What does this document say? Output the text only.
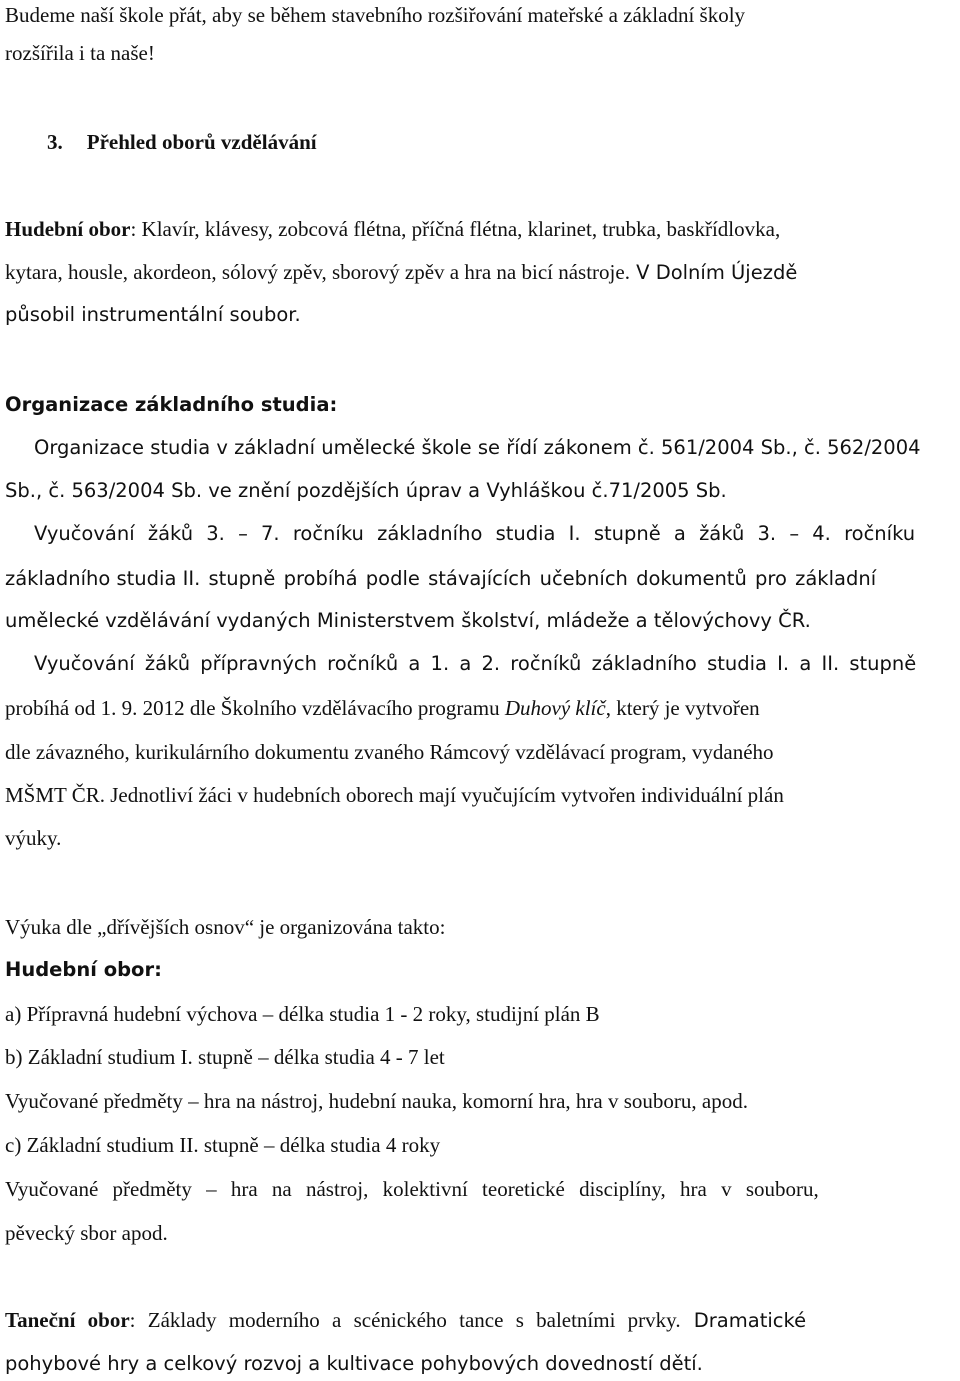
Budeme naší škole přát, aby se během stavebního rozšiřování mateřské a základní školy
rozšířila i ta naše!
3. Přehled oborů vzdělávání
Hudební obor: Klavír, klávesy, zobcová flétna, příčná flétna, klarinet, trubka, baskřídlovka,
kytara, housle, akordeon, sólový zpěv, sborový zpěv a hra na bicí nástroje. V Dolním Újezdě
působil instrumentální soubor.
Organizace základního studia:
Organizace studia v základní umělecké škole se řídí zákonem č. 561/2004 Sb., č. 562/2004
Sb., č. 563/2004 Sb. ve znění pozdějších úprav a Vyhláškou č.71/2005 Sb.
Vyučování žáků 3. – 7. ročníku základního studia I. stupně a žáků 3. – 4. ročníku
základního studia II. stupně probíhá podle stávajících učebních dokumentů pro základní
umělecké vzdělávání vydaných Ministerstvem školství, mládeže a tělovýchovy ČR.
Vyučování žáků přípravných ročníků a 1. a 2. ročníků základního studia I. a II. stupně
probíhá od 1. 9. 2012 dle Školního vzdělávacího programu Duhový klíč, který je vytvořen
dle závazného, kurikulárního dokumentu zvaného Rámcový vzdělávací program, vydaného
MŠMT ČR. Jednotliví žáci v hudebních oborech mají vyučujícím vytvořen individuální plán
výuky.
Výuka dle „dřívějších osnov“ je organizována takto:
Hudební obor:
a) Přípravná hudební výchova – délka studia 1 - 2 roky, studijní plán B
b) Základní studium I. stupně – délka studia 4 - 7 let
Vyučované předměty – hra na nástroj, hudební nauka, komorní hra, hra v souboru, apod.
c) Základní studium II. stupně – délka studia 4 roky
Vyučované předměty – hra na nástroj, kolektivní teoretické disciplíny, hra v souboru,
pěvecký sbor apod.
Taneční obor: Základy moderního a scénického tance s baletními prvky. Dramatické
pohybové hry a celkový rozvoj a kultivace pohybových dovedností dětí.
